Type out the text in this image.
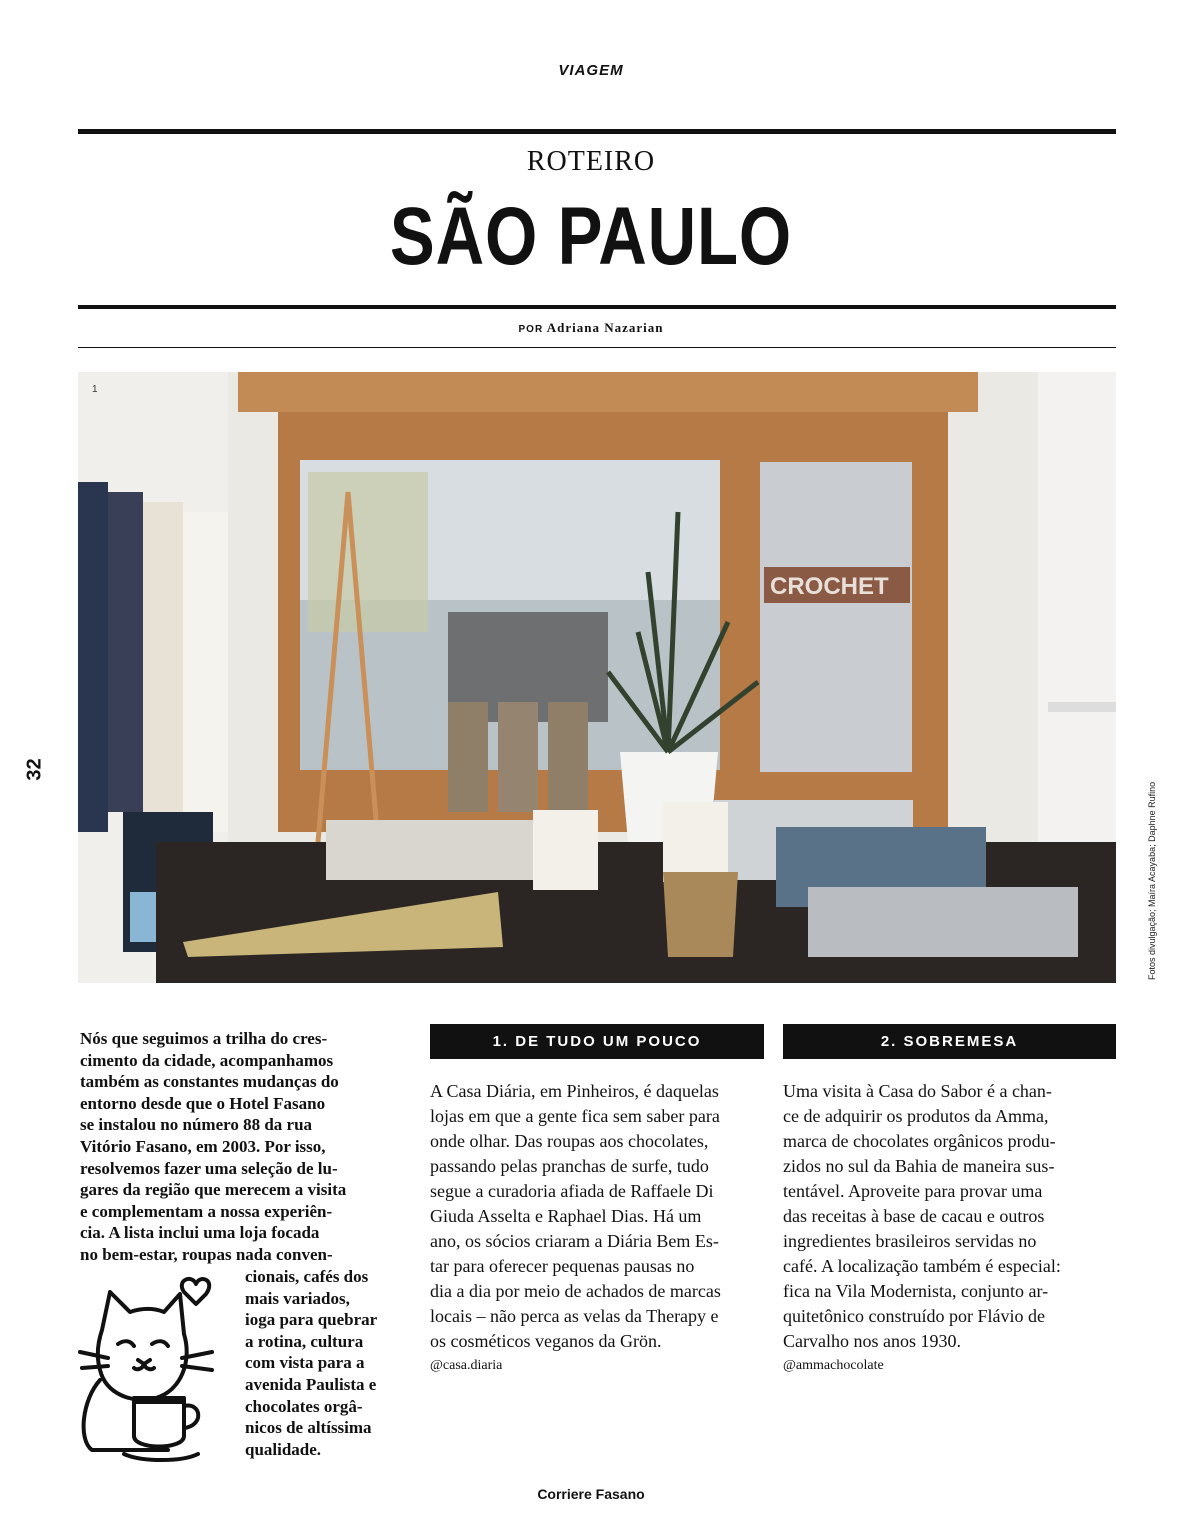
VIAGEM
ROTEIRO
SÃO PAULO
POR Adriana Nazarian
CROCHET
1
32
Fotos divulgação; Maíra Acayaba; Daphne Rufino
Nós que seguimos a trilha do cres-
cimento da cidade, acompanhamos
também as constantes mudanças do
entorno desde que o Hotel Fasano
se instalou no número 88 da rua
Vitório Fasano, em 2003. Por isso,
resolvemos fazer uma seleção de lu-
gares da região que merecem a visita
e complementam a nossa experiên-
cia. A lista inclui uma loja focada
no bem-estar, roupas nada conven-
cionais, cafés dos
mais variados,
ioga para quebrar
a rotina, cultura
com vista para a
avenida Paulista e
chocolates orgâ-
nicos de altíssima
qualidade.
1. DE TUDO UM POUCO
A Casa Diária, em Pinheiros, é daquelas
lojas em que a gente fica sem saber para
onde olhar. Das roupas aos chocolates,
passando pelas pranchas de surfe, tudo
segue a curadoria afiada de Raffaele Di
Giuda Asselta e Raphael Dias. Há um
ano, os sócios criaram a Diária Bem Es-
tar para oferecer pequenas pausas no
dia a dia por meio de achados de marcas
locais – não perca as velas da Therapy e
os cosméticos veganos da Grön.
@casa.diaria
2. SOBREMESA
Uma visita à Casa do Sabor é a chan-
ce de adquirir os produtos da Amma,
marca de chocolates orgânicos produ-
zidos no sul da Bahia de maneira sus-
tentável. Aproveite para provar uma
das receitas à base de cacau e outros
ingredientes brasileiros servidas no
café. A localização também é especial:
fica na Vila Modernista, conjunto ar-
quitetônico construído por Flávio de
Carvalho nos anos 1930.
@ammachocolate
Corriere Fasano
